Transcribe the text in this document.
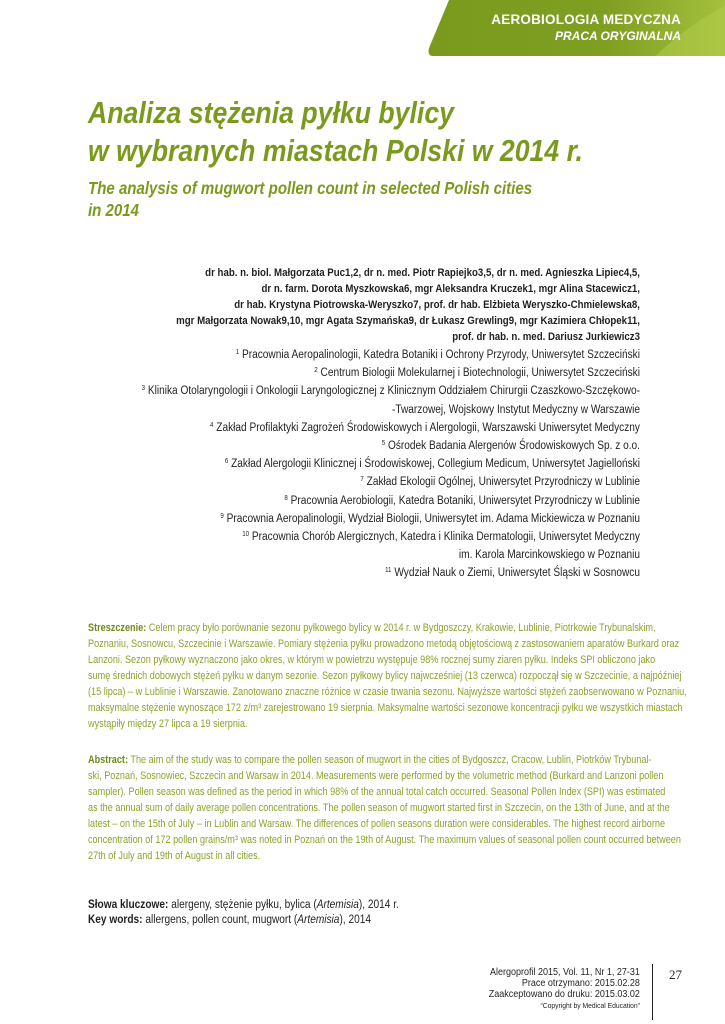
AEROBIOLOGIA MEDYCZNA
PRACA ORYGINALNA
Analiza stężenia pyłku bylicy
w wybranych miastach Polski w 2014 r.
The analysis of mugwort pollen count in selected Polish cities
in 2014
dr hab. n. biol. Małgorzata Puc1,2, dr n. med. Piotr Rapiejko3,5, dr n. med. Agnieszka Lipiec4,5,
dr n. farm. Dorota Myszkowska6, mgr Aleksandra Kruczek1, mgr Alina Stacewicz1,
dr hab. Krystyna Piotrowska-Weryszko7, prof. dr hab. Elżbieta Weryszko-Chmielewska8,
mgr Małgorzata Nowak9,10, mgr Agata Szymańska9, dr Łukasz Grewling9, mgr Kazimiera Chłopek11,
prof. dr hab. n. med. Dariusz Jurkiewicz3
$^1$ Pracownia Aeropalinologii, Katedra Botaniki i Ochrony Przyrody, Uniwersytet Szczeciński
$^2$ Centrum Biologii Molekularnej i Biotechnologii, Uniwersytet Szczeciński
$^3$ Klinika Otolaryngologii i Onkologii Laryngologicznej z Klinicznym Oddziałem Chirurgii Czaszkowo-Szczękowo-
-Twarzowej, Wojskowy Instytut Medyczny w Warszawie
$^4$ Zakład Profilaktyki Zagrożeń Środowiskowych i Alergologii, Warszawski Uniwersytet Medyczny
$^5$ Ośrodek Badania Alergenów Środowiskowych Sp. z o.o.
$^6$ Zakład Alergologii Klinicznej i Środowiskowej, Collegium Medicum, Uniwersytet Jagielloński
$^7$ Zakład Ekologii Ogólnej, Uniwersytet Przyrodniczy w Lublinie
$^8$ Pracownia Aerobiologii, Katedra Botaniki, Uniwersytet Przyrodniczy w Lublinie
$^9$ Pracownia Aeropalinologii, Wydział Biologii, Uniwersytet im. Adama Mickiewicza w Poznaniu
$^{10}$ Pracownia Chorób Alergicznych, Katedra i Klinika Dermatologii, Uniwersytet Medyczny
im. Karola Marcinkowskiego w Poznaniu
$^{11}$ Wydział Nauk o Ziemi, Uniwersytet Śląski w Sosnowcu
Streszczenie: Celem pracy było porównanie sezonu pyłkowego bylicy w 2014 r. w Bydgoszczy, Krakowie, Lublinie, Piotrkowie Trybunalskim,
Poznaniu, Sosnowcu, Szczecinie i Warszawie. Pomiary stężenia pyłku prowadzono metodą objętościową z zastosowaniem aparatów Burkard oraz
Lanzoni. Sezon pyłkowy wyznaczono jako okres, w którym w powietrzu występuje 98% rocznej sumy ziaren pyłku. Indeks SPI obliczono jako
sumę średnich dobowych stężeń pyłku w danym sezonie. Sezon pyłkowy bylicy najwcześniej (13 czerwca) rozpoczął się w Szczecinie, a najpóźniej
(15 lipca) – w Lublinie i Warszawie. Zanotowano znaczne różnice w czasie trwania sezonu. Najwyższe wartości stężeń zaobserwowano w Poznaniu,
maksymalne stężenie wynoszące 172 z/m³ zarejestrowano 19 sierpnia. Maksymalne wartości sezonowe koncentracji pyłku we wszystkich miastach
wystąpiły między 27 lipca a 19 sierpnia.
Abstract: The aim of the study was to compare the pollen season of mugwort in the cities of Bydgoszcz, Cracow, Lublin, Piotrków Trybunal-
ski, Poznań, Sosnowiec, Szczecin and Warsaw in 2014. Measurements were performed by the volumetric method (Burkard and Lanzoni pollen
sampler). Pollen season was defined as the period in which 98% of the annual total catch occurred. Seasonal Pollen Index (SPI) was estimated
as the annual sum of daily average pollen concentrations. The pollen season of mugwort started first in Szczecin, on the 13th of June, and at the
latest – on the 15th of July – in Lublin and Warsaw. The differences of pollen seasons duration were considerables. The highest record airborne
concentration of 172 pollen grains/m³ was noted in Poznań on the 19th of August. The maximum values of seasonal pollen count occurred between
27th of July and 19th of August in all cities.
Słowa kluczowe: alergeny, stężenie pyłku, bylica (Artemisia), 2014 r.
Key words: allergens, pollen count, mugwort (Artemisia), 2014
Alergoprofil 2015, Vol. 11, Nr 1, 27-31
Prace otrzymano: 2015.02.28
Zaakceptowano do druku: 2015.03.02
“Copyright by Medical Education”
27
